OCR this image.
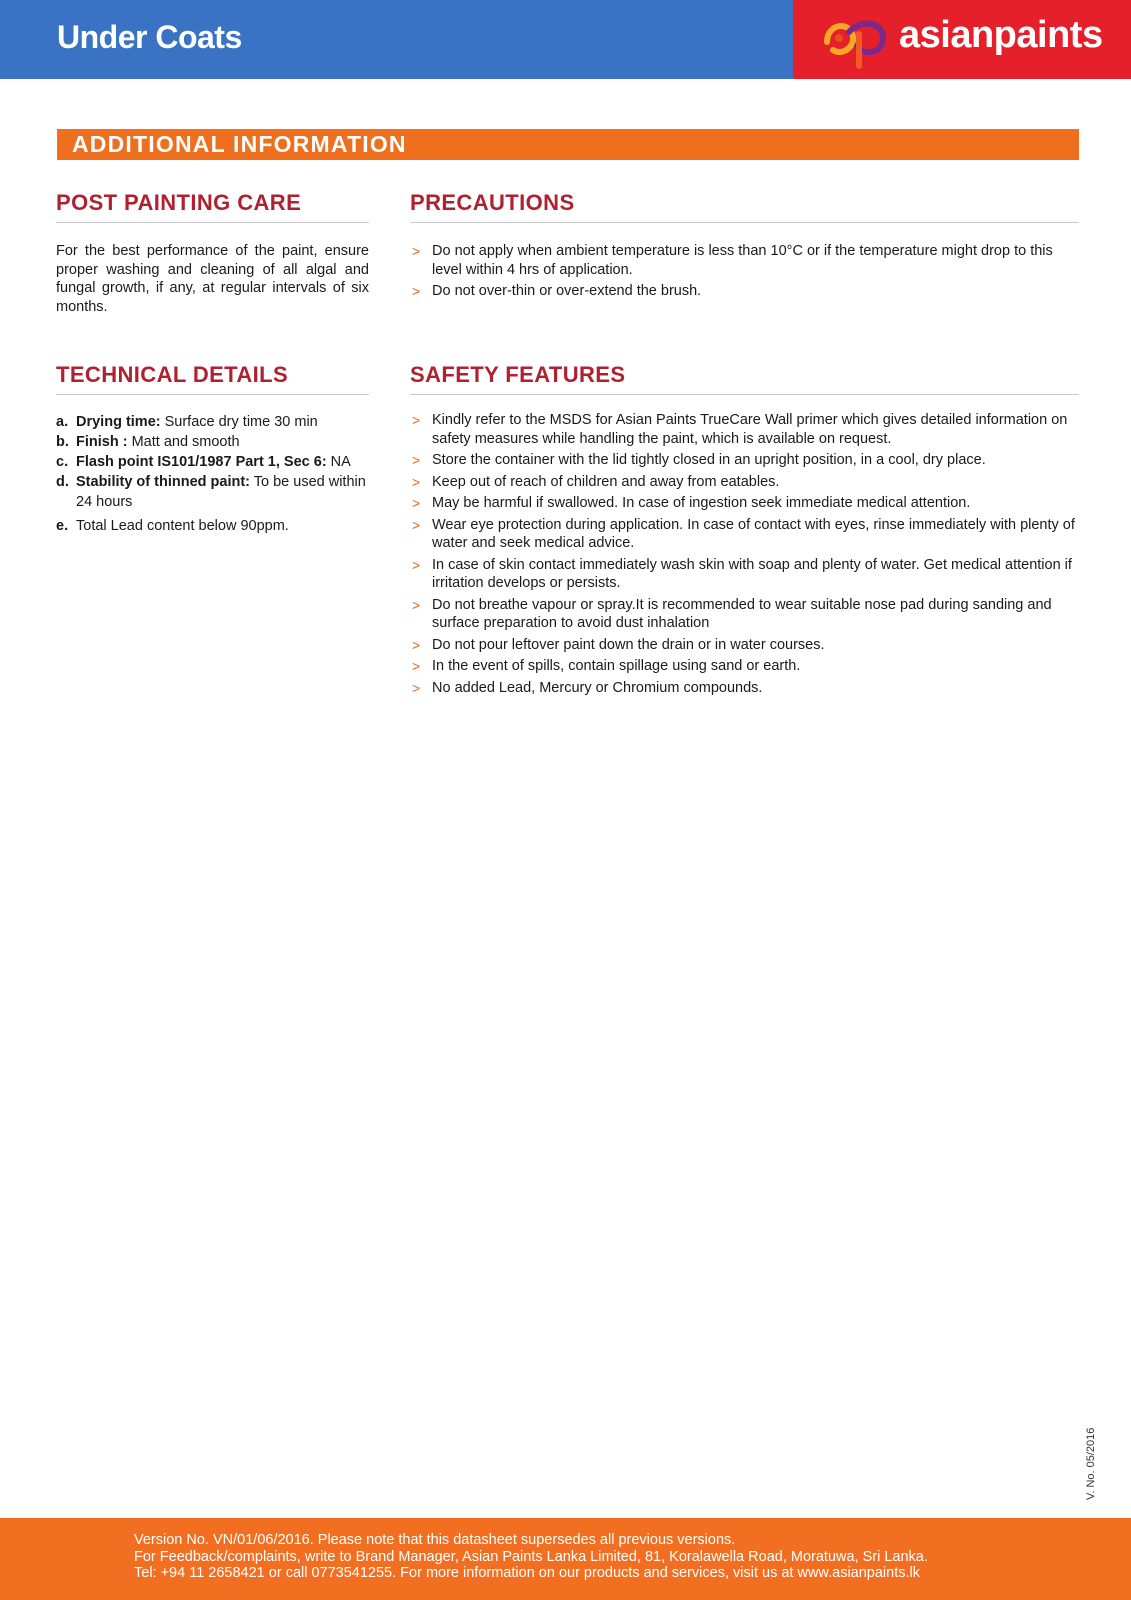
Under Coats	asianpaints
ADDITIONAL INFORMATION
POST PAINTING CARE

For the best performance of the paint, ensure proper washing and cleaning of all algal and fungal growth, if any, at regular intervals of six months.

PRECAUTIONS
> Do not apply when ambient temperature is less than 10°C or if the temperature might drop to this level within 4 hrs of application.
> Do not over-thin or over-extend the brush.
TECHNICAL DETAILS
a. Drying time: Surface dry time 30 min
b. Finish : Matt and smooth
c. Flash point IS101/1987 Part 1, Sec 6: NA
d. Stability of thinned paint: To be used within 24 hours
e. Total Lead content below 90ppm.
SAFETY FEATURES
> Kindly refer to the MSDS for Asian Paints TrueCare Wall primer which gives detailed information on safety measures while handling the paint, which is available on request.
> Store the container with the lid tightly closed in an upright position, in a cool, dry place.
> Keep out of reach of children and away from eatables.
> May be harmful if swallowed. In case of ingestion seek immediate medical attention.
> Wear eye protection during application. In case of contact with eyes, rinse immediately with plenty of water and seek medical advice.
> In case of skin contact immediately wash skin with soap and plenty of water. Get medical attention if irritation develops or persists.
> Do not breathe vapour or spray.It is recommended to wear suitable nose pad during sanding and surface preparation to avoid dust inhalation
> Do not pour leftover paint down the drain or in water courses.
> In the event of spills, contain spillage using sand or earth.
> No added Lead, Mercury or Chromium compounds.
V. No. 05/2016
Version No. VN/01/06/2016. Please note that this datasheet supersedes all previous versions.
For Feedback/complaints, write to Brand Manager, Asian Paints Lanka Limited, 81, Koralawella Road, Moratuwa, Sri Lanka.
Tel: +94 11 2658421 or call 0773541255. For more information on our products and services, visit us at www.asianpaints.lk
